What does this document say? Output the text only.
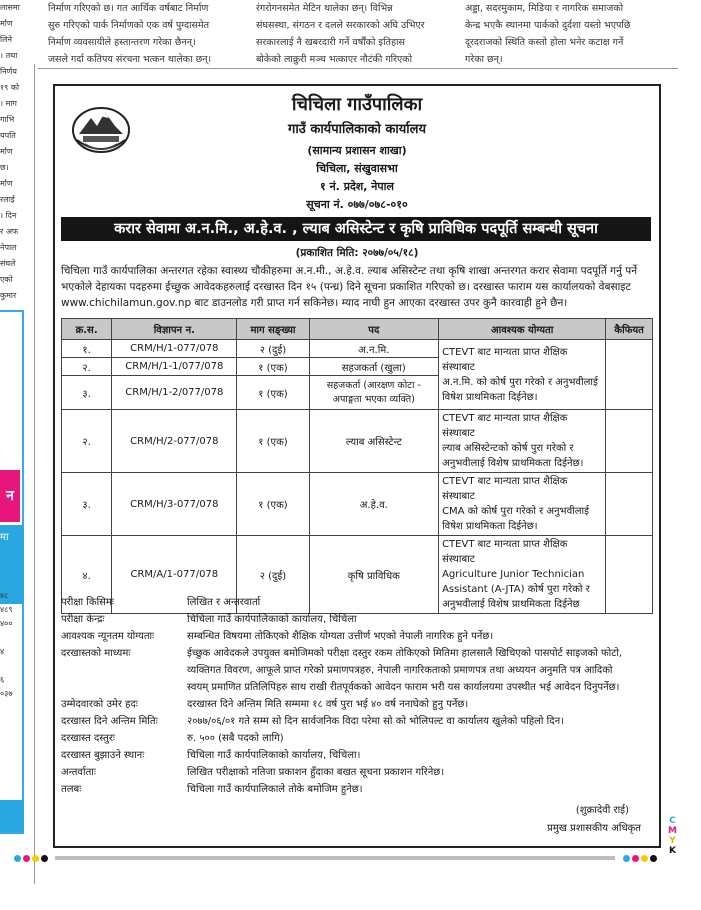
निर्माण गरिएको छ। गत आर्थिक वर्षबाट निर्माण
सुरु गरिएको पार्क निर्माणको एक वर्ष पुग्दासमेत
निर्माण व्यवसायीले हस्तान्तरण गरेका छैनन्।
जसले गर्दा कतिपय संरचना भत्कन थालेका छन्।
रंगरोगनसमेत मेटिन थालेका छन्। विभिन्न
संघसस्था, संगठन र दलले सरकारको अघि उभिएर
सरकारलाई नै खबरदारी गर्ने वर्षौंको इतिहास
बोकेको लाक्रुरी मञ्च भत्काएर नौटंकी गरिएको
अड्डा, सदरमुकाम, मिडिया र नागरिक समाजको
केन्द्र भएकै स्थानमा पार्कको दुर्दशा यस्तो भएपछि
दूरदराजको स्थिति कस्तो होला भनेर कटाक्ष गर्ने
गरेका छन्।
लासमा
र्माण
लिने
। तथा
निर्णय
१९ को
। माग
गाभि
यपति
र्माण
छ।
र्माण
रलाई
। दिन
र अफ
नेपाल
संघले
एको
कुमार
न
मा
४८
४८९
४००
४
६
०३७
चिचिला गाउँपालिका
गाउँ कार्यपालिकाको कार्यालय
(सामान्य प्रशासन शाखा)
चिचिला, संखुवासभा
१ नं. प्रदेश, नेपाल
सूचना नं. ०७७/०७८-०१०
करार सेवामा अ.न.मि., अ.हे.व. , ल्याब असिस्टेन्ट र कृषि प्राविधिक पदपूर्ति सम्बन्धी सूचना
(प्रकाशित मिति: २०७७/०५/१८)
चिचिला गाउँ कार्यपालिका अन्तरगत रहेका स्वास्थ्य चौकीहरुमा अ.न.मी., अ.हे.व. ल्याब असिस्टेन्ट तथा कृषि शाखा अन्तरगत करार सेवामा पदपूर्ति गर्नु पर्ने
भएकोले देहायका पदहरुमा ईच्छुक आवेदकहरुलाई दरखास्त दिन १५ (पन्ध्र) दिने सूचना प्रकाशित गरिएको छ। दरखास्त फाराम यस कार्यालयको वेबसाइट
www.chichilamun.gov.np बाट डाउनलोड गरी प्राप्त गर्न सकिनेछ। म्याद नाघी हुन आएका दरखास्त उपर कुनै कारवाही हुने छैन।
क्र.स.	विज्ञापन न.	माग सङ्ख्या	पद	आवश्यक योग्यता	कैफियत
१.	CRM/H/1-077/078	२ (दुई)	अ.न.मि.	CTEVT बाट मान्यता प्राप्त शैक्षिक संस्थाबाट
अ.न.मि. को कोर्ष पुरा गरेको र अनुभवीलाई
विषेश प्राथमिकता दिईनेछ।	

२.	CRM/H/1-1/077/078	१ (एक)	सहजकर्ता (खुला)		
३.	CRM/H/1-2/077/078	१ (एक)	सहजकर्ता (आरक्षण कोटा - अपाङ्गता भएका व्यक्ति)		
२.	CRM/H/2-077/078	१ (एक)	ल्याब असिस्टेन्ट	CTEVT बाट मान्यता प्राप्त शैक्षिक संस्थाबाट
ल्याब असिस्टेन्टको कोर्ष पुरा गरेको र
अनुभवीलाई विशेष प्राथमिकता दिईनेछ।	

३.	CRM/H/3-077/078	१ (एक)	अ.हे.व.	CTEVT बाट मान्यता प्राप्त शैक्षिक संस्थाबाट
CMA को कोर्ष पुरा गरेको र अनुभवीलाई
विषेश प्राथमिकता दिईनेछ।	

४.	CRM/A/1-077/078	२ (दुई)	कृषि प्राविधिक	CTEVT बाट मान्यता प्राप्त शैक्षिक संस्थाबाट
Agriculture Junior Technician
Assistant (A-JTA) कोर्ष पुरा गरेको र
अनुभवीलाई विशेष प्राथमिकता दिईनेछ	

परीक्षा किसिमः	लिखित र अन्तरवार्ता
परीक्षा केन्द्रः	चिचिला गाउँ कार्यपालिकाको कार्यालय, चिचिला
आवश्यक न्यूनतम योग्यताः	सम्बन्धित विषयमा तोकिएको शैक्षिक योग्यता उत्तीर्ण भएको नेपाली नागरिक हुने पर्नेछ।
दरखास्तको माध्यमः	ईच्छुक आवेदकले उपयुक्त बमोजिमको परीक्षा दस्तुर रकम तोकिएको मितिमा हालसालै खिचिएको पासपोर्ट साइजको फोटो,
व्यक्तिगत विवरण, आफूले प्राप्त गरेको प्रमाणपत्रहरु, नेपाली नागरिकताको प्रमाणपत्र तथा अध्ययन अनुमति पत्र आदिको
स्वयम् प्रमाणित प्रतिलिपिहरु साथ राखी रीतपूर्वकको आवेदन फाराम भरी यस कार्यालयमा उपस्थीत भई आवेदन दिनुपर्नेछ।
उम्मेदवारको उमेर हदः	दरखास्त दिने अन्तिम मिति सम्ममा १८ वर्ष पुरा भई ४० वर्ष ननाघेको हुनु पर्नेछ।
दरखास्त दिने अन्तिम मितिः	२०७७/०६/०१ गते सम्म सो दिन सार्वजनिक विदा परेमा सो को भोलिपल्ट वा कार्यालय खुलेको पहिलो दिन।
दरखास्त दस्तुरः	रु. ५०० (सबै पदको लागि)
दरखास्त बुझाउने स्थानः	चिचिला गाउँ कार्यपालिकाको कार्यालय, चिचिला।
अन्तर्वाताः	लिखित परीक्षाको नतिजा प्रकाशन हुँदाका बखत सूचना प्रकाशन गरिनेछ।
तलबः	चिचिला गाउँ कार्यपालिकाले तोके बमोजिम हुनेछ।
(शुक्रादेवी राई)
प्रमुख प्रशासकीय अधिकृत
C
M
Y
K
